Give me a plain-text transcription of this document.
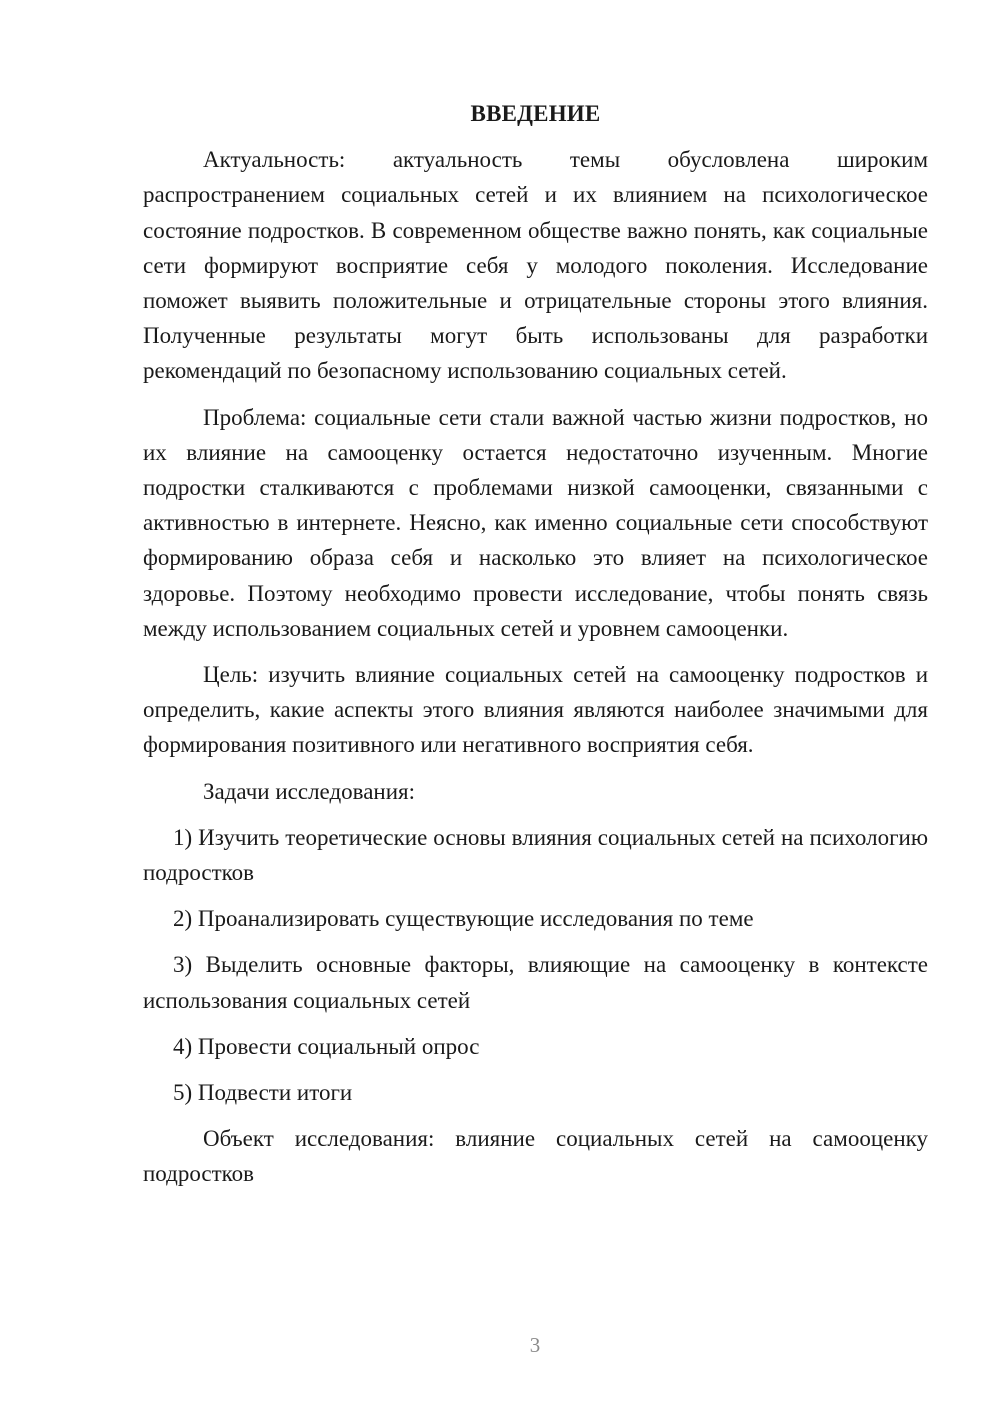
ВВЕДЕНИЕ

Актуальность: актуальность темы обусловлена широким распространением социальных сетей и их влиянием на психологическое состояние подростков. В современном обществе важно понять, как социальные сети формируют восприятие себя у молодого поколения. Исследование поможет выявить положительные и отрицательные стороны этого влияния. Полученные результаты могут быть использованы для разработки рекомендаций по безопасному использованию социальных сетей.

Проблема: социальные сети стали важной частью жизни подростков, но их влияние на самооценку остается недостаточно изученным. Многие подростки сталкиваются с проблемами низкой самооценки, связанными с активностью в интернете. Неясно, как именно социальные сети способствуют формированию образа себя и насколько это влияет на психологическое здоровье. Поэтому необходимо провести исследование, чтобы понять связь между использованием социальных сетей и уровнем самооценки.

Цель: изучить влияние социальных сетей на самооценку подростков и определить, какие аспекты этого влияния являются наиболее значимыми для формирования позитивного или негативного восприятия себя.

Задачи исследования:

1) Изучить теоретические основы влияния социальных сетей на психологию подростков

2) Проанализировать существующие исследования по теме

3) Выделить основные факторы, влияющие на самооценку в контексте использования социальных сетей

4) Провести социальный опрос

5) Подвести итоги

Объект исследования: влияние социальных сетей на самооценку подростков

3
